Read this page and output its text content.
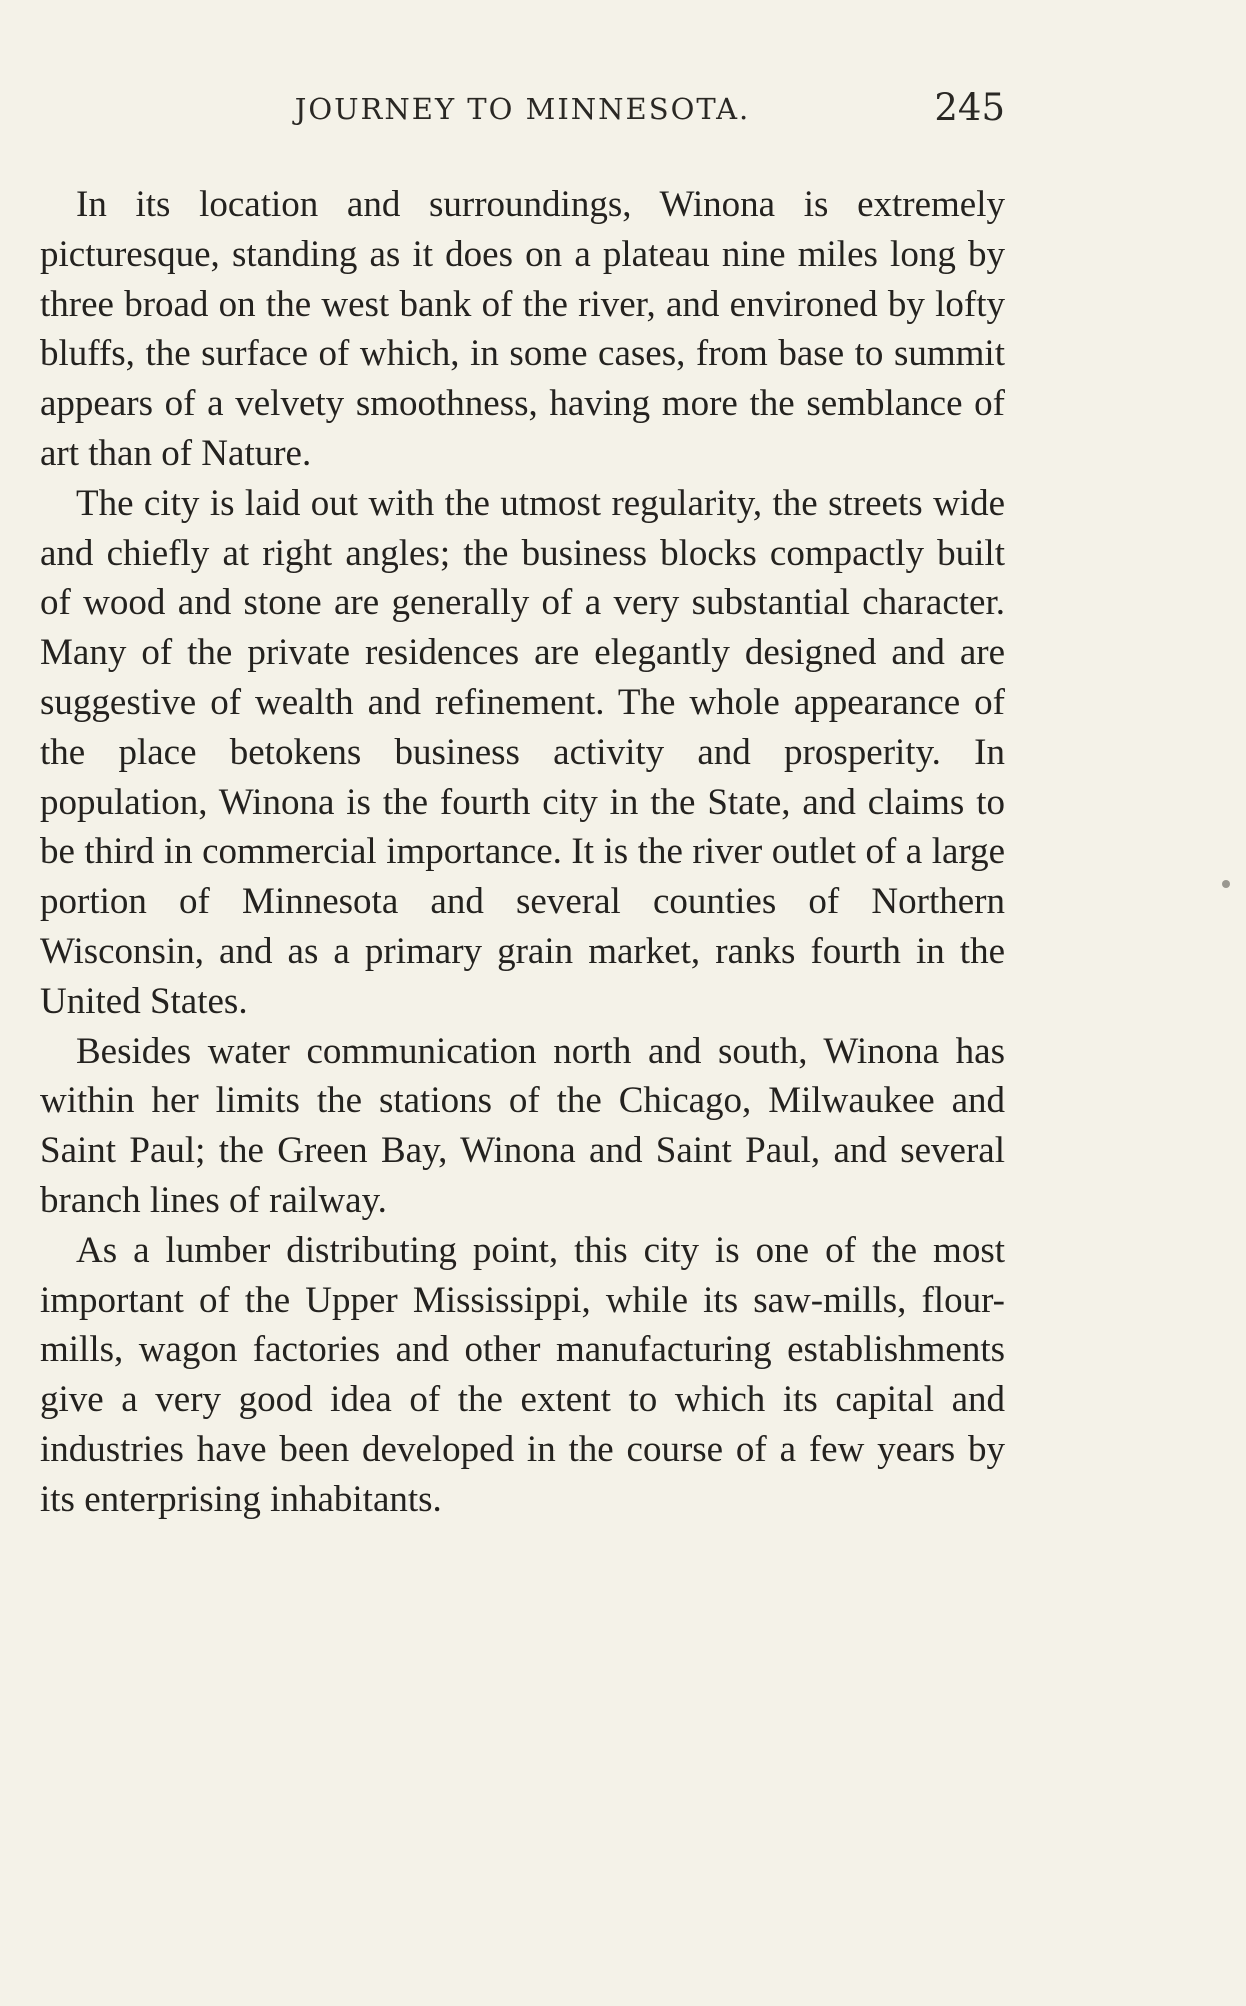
JOURNEY TO MINNESOTA.	245

In its location and surroundings, Winona is extremely picturesque, standing as it does on a plateau nine miles long by three broad on the west bank of the river, and environed by lofty bluffs, the surface of which, in some cases, from base to summit appears of a velvety smoothness, having more the semblance of art than of Nature.

The city is laid out with the utmost regularity, the streets wide and chiefly at right angles; the business blocks compactly built of wood and stone are generally of a very substantial character. Many of the private residences are elegantly designed and are suggestive of wealth and refinement. The whole appearance of the place betokens business activity and prosperity. In population, Winona is the fourth city in the State, and claims to be third in commercial importance. It is the river outlet of a large portion of Minnesota and several counties of Northern Wisconsin, and as a primary grain market, ranks fourth in the United States.

Besides water communication north and south, Winona has within her limits the stations of the Chicago, Milwaukee and Saint Paul; the Green Bay, Winona and Saint Paul, and several branch lines of railway.

As a lumber distributing point, this city is one of the most important of the Upper Mississippi, while its saw-mills, flour-mills, wagon factories and other manufacturing establishments give a very good idea of the extent to which its capital and industries have been developed in the course of a few years by its enterprising inhabitants.
